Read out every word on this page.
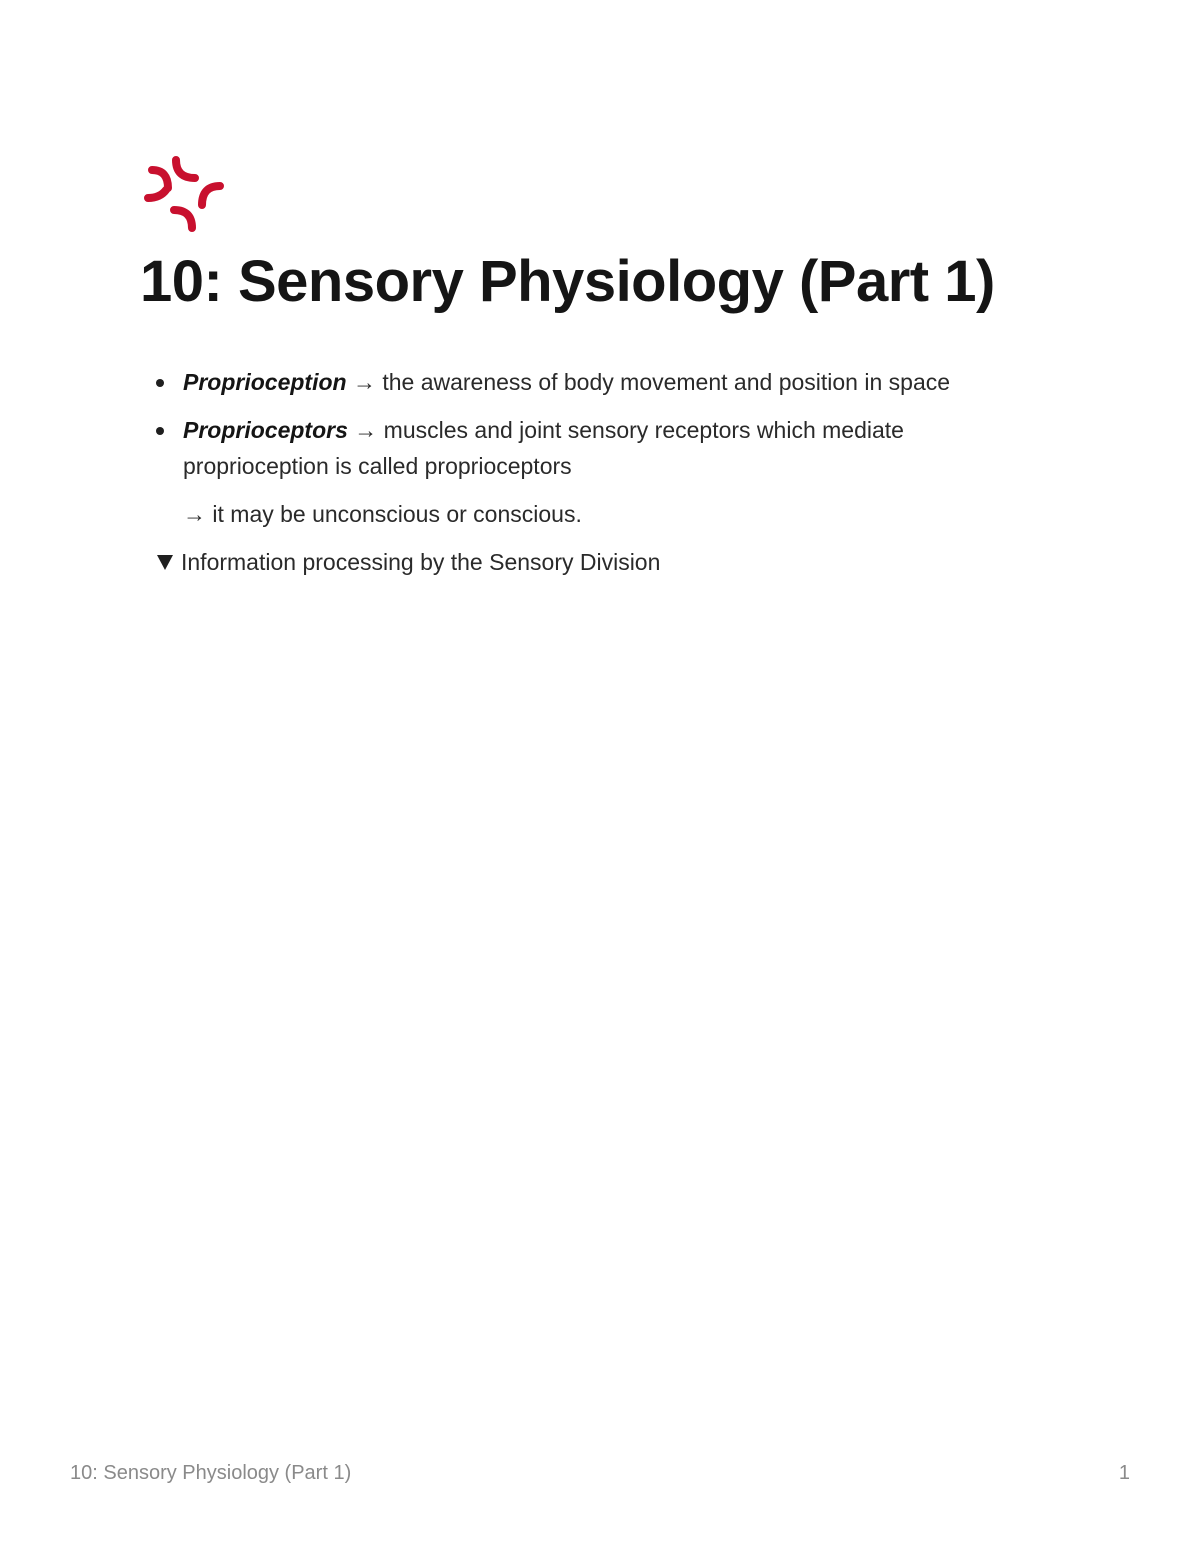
10: Sensory Physiology (Part 1)
Proprioception → the awareness of body movement and position in space
Proprioceptors → muscles and joint sensory receptors which mediate proprioception is called proprioceptors
→ it may be unconscious or conscious.
Information processing by the Sensory Division
10: Sensory Physiology (Part 1)	1
